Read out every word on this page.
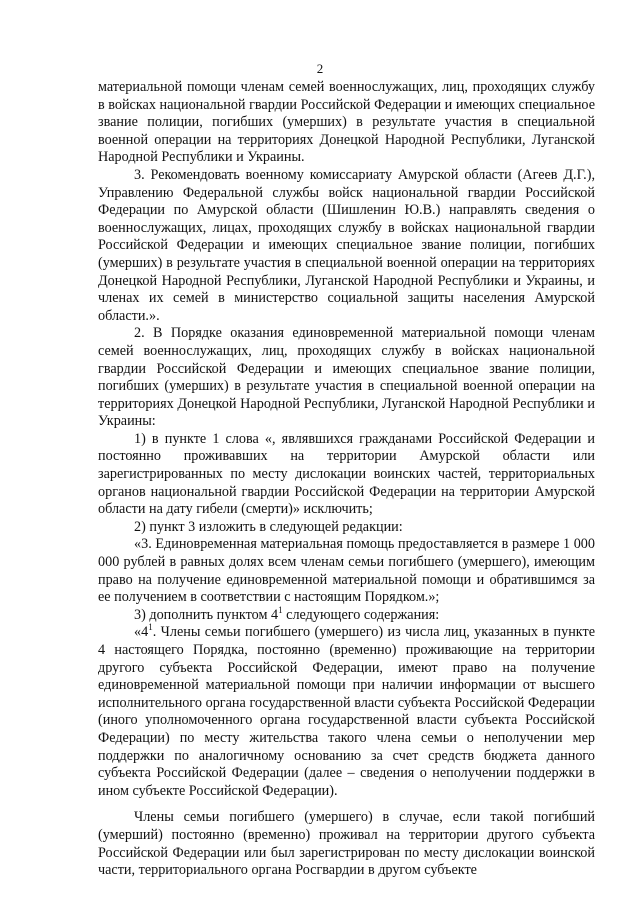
2

материальной помощи членам семей военнослужащих, лиц, проходящих службу в войсках национальной гвардии Российской Федерации и имеющих специальное звание полиции, погибших (умерших) в результате участия в специальной военной операции на территориях Донецкой Народной Республики, Луганской Народной Республики и Украины.

3. Рекомендовать военному комиссариату Амурской области (Агеев Д.Г.), Управлению Федеральной службы войск национальной гвардии Российской Федерации по Амурской области (Шишленин Ю.В.) направлять сведения о военнослужащих, лицах, проходящих службу в войсках национальной гвардии Российской Федерации и имеющих специальное звание полиции, погибших (умерших) в результате участия в специальной военной операции на территориях Донецкой Народной Республики, Луганской Народной Республики и Украины, и членах их семей в министерство социальной защиты населения Амурской области.».

2. В Порядке оказания единовременной материальной помощи членам семей военнослужащих, лиц, проходящих службу в войсках национальной гвардии Российской Федерации и имеющих специальное звание полиции, погибших (умерших) в результате участия в специальной военной операции на территориях Донецкой Народной Республики, Луганской Народной Республики и Украины:

1) в пункте 1 слова «, являвшихся гражданами Российской Федерации и постоянно проживавших на территории Амурской области или зарегистрированных по месту дислокации воинских частей, территориальных органов национальной гвардии Российской Федерации на территории Амурской области на дату гибели (смерти)» исключить;

2) пункт 3 изложить в следующей редакции:

«3. Единовременная материальная помощь предоставляется в размере 1 000 000 рублей в равных долях всем членам семьи погибшего (умершего), имеющим право на получение единовременной материальной помощи и обратившимся за ее получением в соответствии с настоящим Порядком.»;

3) дополнить пунктом $4^1$ следующего содержания:

«$4^1$. Члены семьи погибшего (умершего) из числа лиц, указанных в пункте 4 настоящего Порядка, постоянно (временно) проживающие на территории другого субъекта Российской Федерации, имеют право на получение единовременной материальной помощи при наличии информации от высшего исполнительного органа государственной власти субъекта Российской Федерации (иного уполномоченного органа государственной власти субъекта Российской Федерации) по месту жительства такого члена семьи о неполучении мер поддержки по аналогичному основанию за счет средств бюджета данного субъекта Российской Федерации (далее – сведения о неполучении поддержки в ином субъекте Российской Федерации).

Члены семьи погибшего (умершего) в случае, если такой погибший (умерший) постоянно (временно) проживал на территории другого субъекта Российской Федерации или был зарегистрирован по месту дислокации воинской части, территориального органа Росгвардии в другом субъекте
